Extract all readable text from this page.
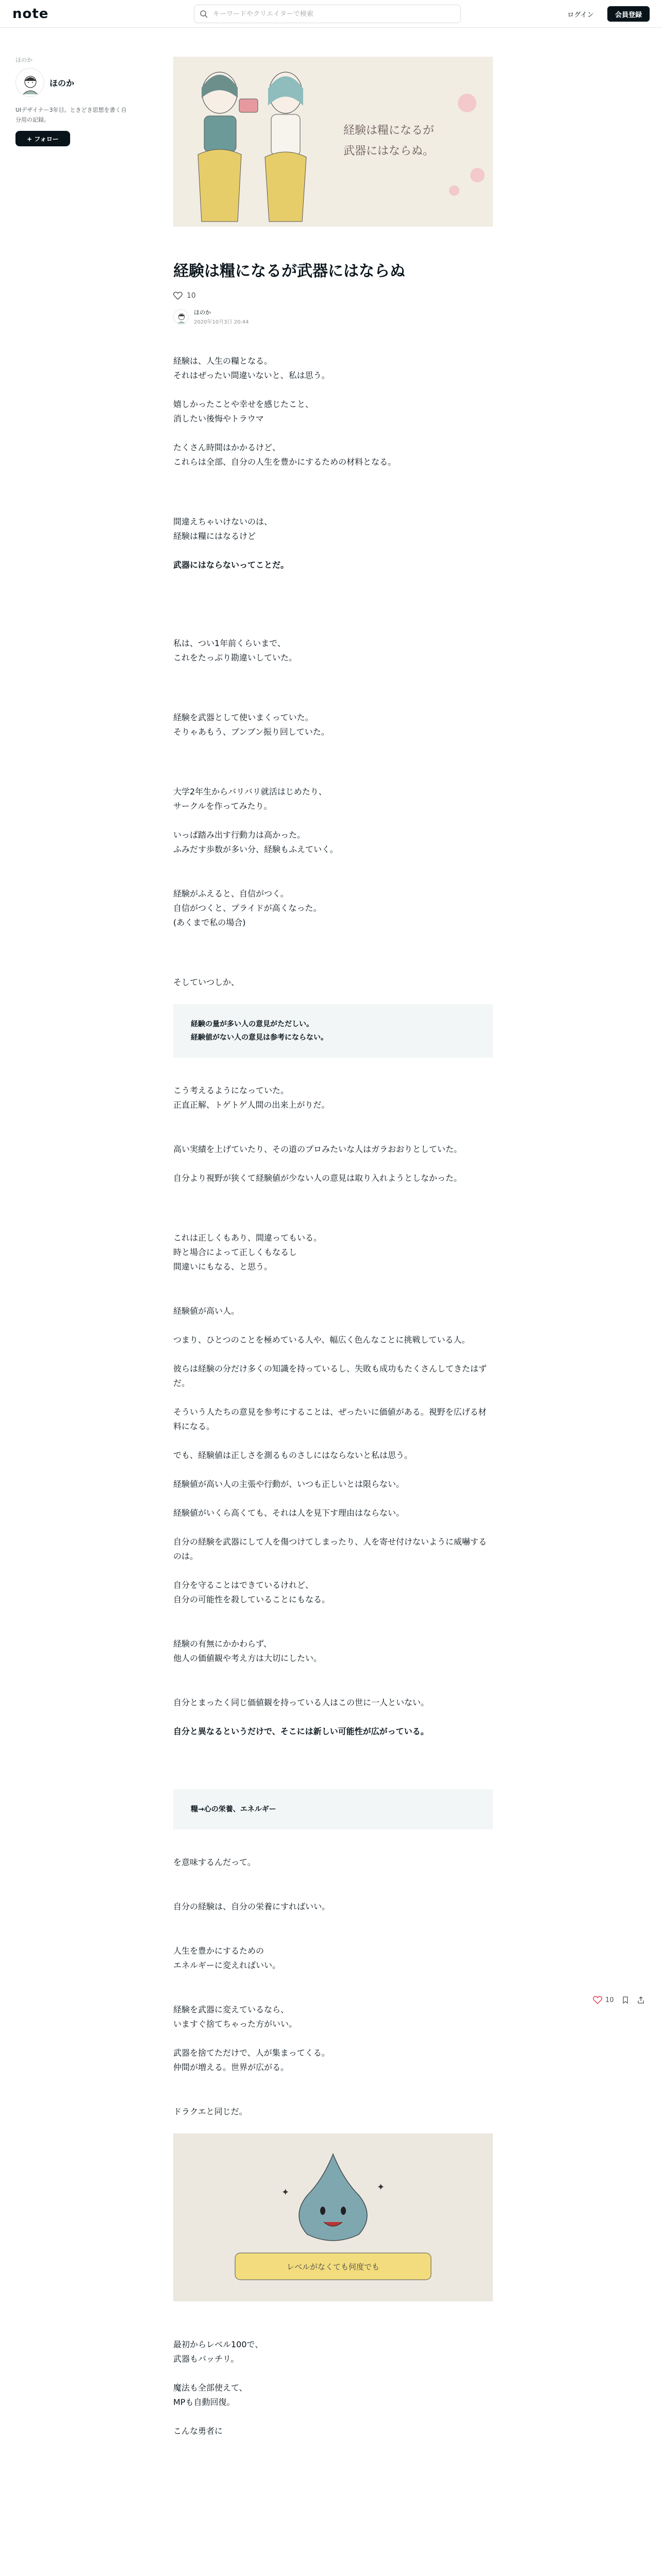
note
キーワードやクリエイターで検索	ログイン	会員登録
ほのか
ほのか
UIデザイナー3年目。ときどき思想を書く自分用の記録。
+ フォロー
経験は糧になるが
武器にはならぬ。
経験は糧になるが武器にはならぬ
10
ほのか
2020年10月3日 20:44

経験は、人生の糧となる。
それはぜったい間違いないと、私は思う。

嬉しかったことや幸せを感じたこと、
消したい後悔やトラウマ

たくさん時間はかかるけど、
これらは全部、自分の人生を豊かにするための材料となる。

間違えちゃいけないのは、
経験は糧にはなるけど

武器にはならないってことだ。

私は、つい1年前くらいまで、
これをたっぷり勘違いしていた。

経験を武器として使いまくっていた。
そりゃあもう、ブンブン振り回していた。

大学2年生からバリバリ就活はじめたり、
サークルを作ってみたり。

いっぱ踏み出す行動力は高かった。
ふみだす歩数が多い分、経験もふえていく。

経験がふえると、自信がつく。
自信がつくと、プライドが高くなった。
(あくまで私の場合)

そしていつしか、

経験の量が多い人の意見がただしい。
経験値がない人の意見は参考にならない。

こう考えるようになっていた。
正直正解、トゲトゲ人間の出来上がりだ。

高い実績を上げていたり、その道のプロみたいな人はガラおおりとしていた。

自分より視野が狭くて経験値が少ない人の意見は取り入れようとしなかった。

これは正しくもあり、間違ってもいる。
時と場合によって正しくもなるし
間違いにもなる、と思う。

経験値が高い人。

つまり、ひとつのことを極めている人や、幅広く色んなことに挑戦している人。

彼らは経験の分だけ多くの知識を持っているし、失敗も成功もたくさんしてきたはずだ。

そういう人たちの意見を参考にすることは、ぜったいに価値がある。視野を広げる材料になる。

でも、経験値は正しさを測るものさしにはならないと私は思う。

経験値が高い人の主張や行動が、いつも正しいとは限らない。

経験値がいくら高くても、それは人を見下す理由はならない。

自分の経験を武器にして人を傷つけてしまったり、人を寄せ付けないように威嚇するのは。

自分を守ることはできているけれど、
自分の可能性を殺していることにもなる。

経験の有無にかかわらず、
他人の価値観や考え方は大切にしたい。

自分とまったく同じ価値観を持っている人はこの世に一人といない。

自分と異なるというだけで、そこには新しい可能性が広がっている。

糧→心の栄養、エネルギー

を意味するんだって。

自分の経験は、自分の栄養にすればいい。

人生を豊かにするための
エネルギーに変えればいい。

経験を武器に変えているなら、
いますぐ捨てちゃった方がいい。

武器を捨てただけで、人が集まってくる。
仲間が増える。世界が広がる。

ドラクエと同じだ。

✦	✦
レベルがなくても何度でも

最初からレベル100で、
武器もバッチリ。

魔法も全部使えて、
MPも自動回復。

こんな勇者に

10
